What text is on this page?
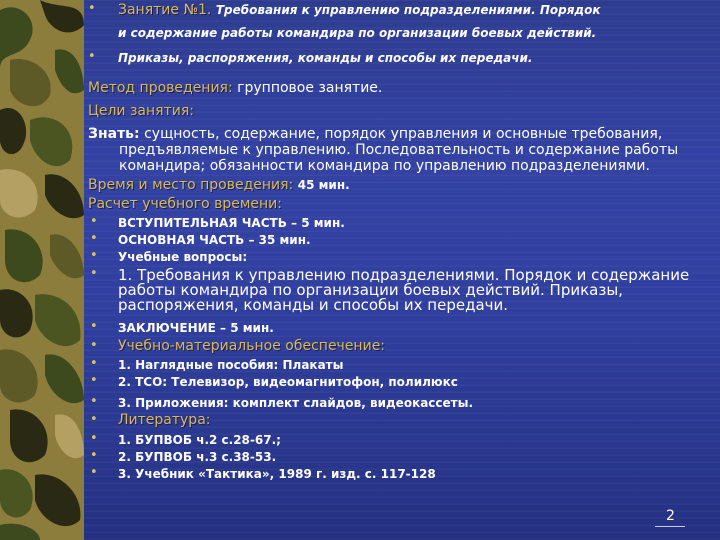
• Занятие №1. Требования к управлению подразделениями. Порядок
и содержание работы командира по организации боевых действий.
• Приказы, распоряжения, команды и способы их передачи.
Метод проведения: групповое занятие.
Цели занятия:
Знать: сущность, содержание, порядок управления и основные требования,
предъявляемые к управлению. Последовательность и содержание работы
командира; обязанности командира по управлению подразделениями.
Время и место проведения: 45 мин.
Расчет учебного времени:
• ВСТУПИТЕЛЬНАЯ ЧАСТЬ – 5 мин.
• ОСНОВНАЯ ЧАСТЬ – 35 мин.
• Учебные вопросы:
• 1. Требования к управлению подразделениями. Порядок и содержание
работы командира по организации боевых действий. Приказы,
распоряжения, команды и способы их передачи.
• ЗАКЛЮЧЕНИЕ – 5 мин.
• Учебно-материальное обеспечение:
• 1. Наглядные пособия: Плакаты
• 2. ТСО: Телевизор, видеомагнитофон, полилюкс
• 3. Приложения: комплект слайдов, видеокассеты.
• Литература:
• 1. БУПВОБ ч.2 с.28-67.;
• 2. БУПВОБ ч.3 с.38-53.
• 3. Учебник «Тактика», 1989 г. изд. с. 117-128
2
